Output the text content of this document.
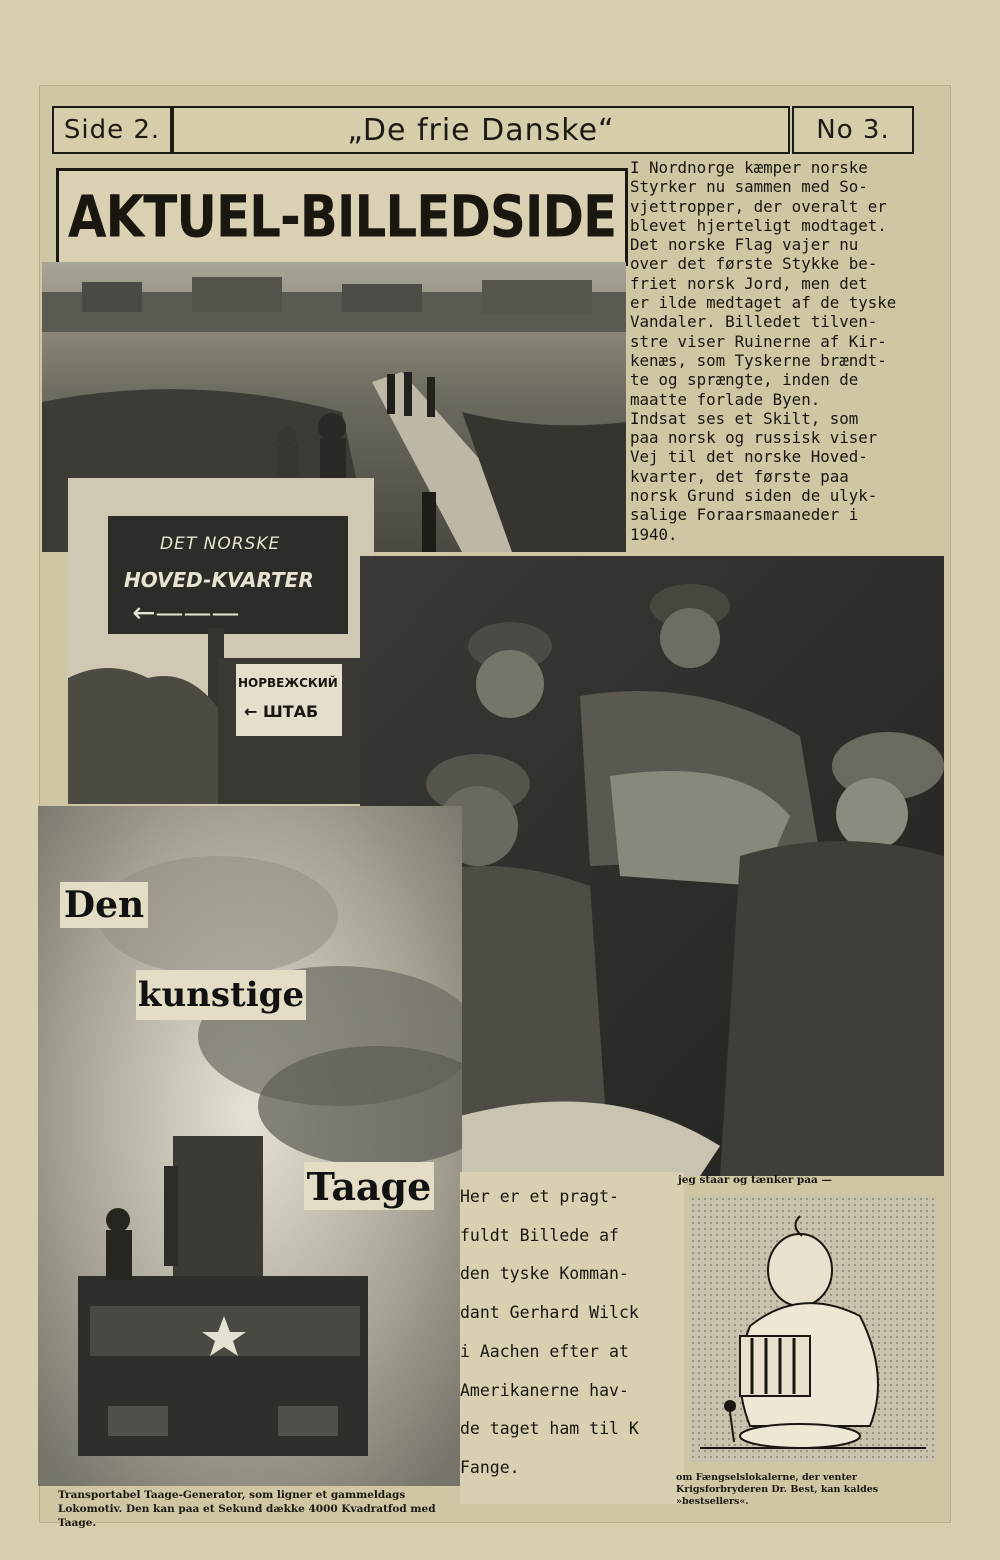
Side 2.	„De frie Danske“	No 3.
AKTUEL-BILLEDSIDE
I Nordnorge kæmper norske
Styrker nu sammen med So-
vjettropper, der overalt er
blevet hjerteligt modtaget.
Det norske Flag vajer nu
over det første Stykke be-
friet norsk Jord, men det
er ilde medtaget af de tyske
Vandaler. Billedet tilven-
stre viser Ruinerne af Kir-
kenæs, som Tyskerne brændt-
te og sprængte, inden de
maatte forlade Byen.
Indsat ses et Skilt, som
paa norsk og russisk viser
Vej til det norske Hoved-
kvarter, det første paa
norsk Grund siden de ulyk-
salige Foraarsmaaneder i
1940.
DET NORSKE
HOVED-KVARTER
←———
НОРВЕЖСКИЙ
← ШТАБ
Den
kunstige
Taage
Transportabel Taage-Generator, som ligner et gammeldags Lokomotiv. Den kan paa et Sekund dække 4000 Kvadratfod med Taage.
Her er et pragt-
fuldt Billede af
den tyske Komman-
dant Gerhard Wilck
i Aachen efter at
Amerikanerne hav-
de taget ham til K
Fange.
jeg staar og tænker paa —
om Fængselslokalerne, der venter Krigsforbryderen Dr. Best, kan kaldes »bestsellers«.
